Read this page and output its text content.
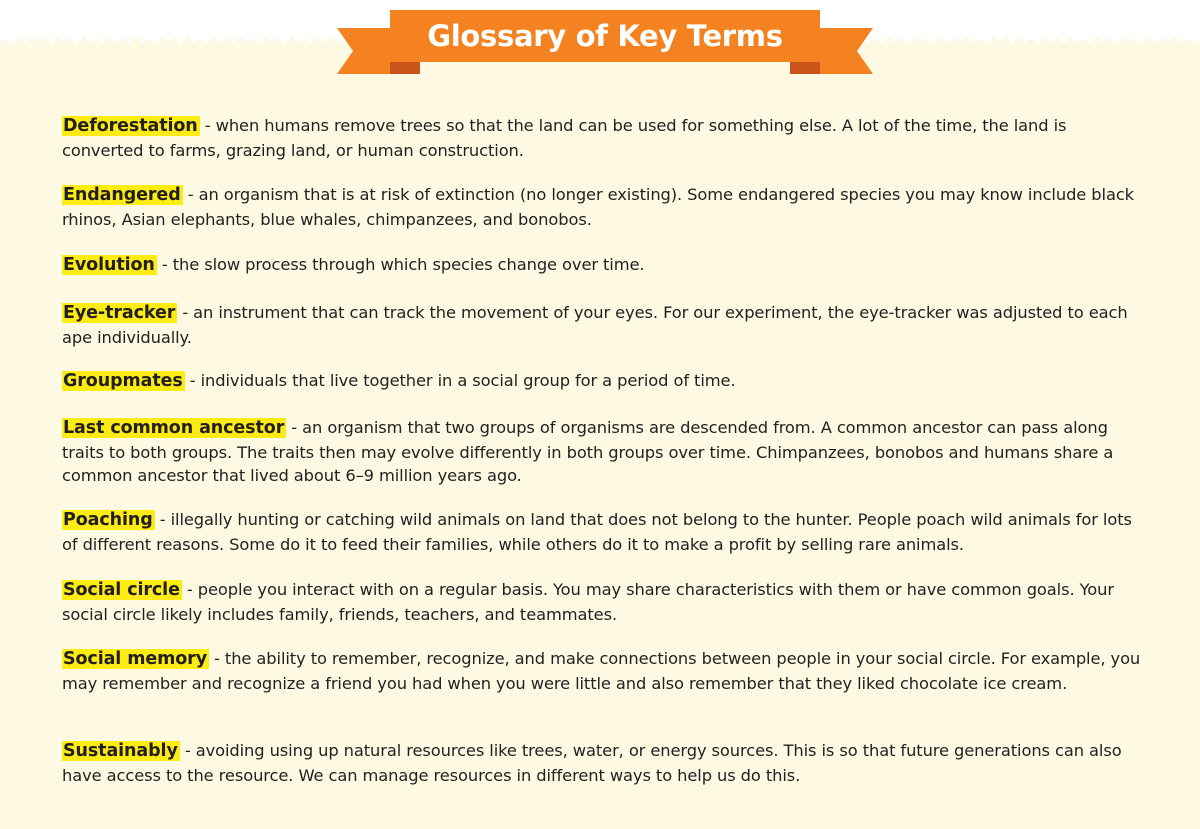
Glossary of Key Terms

Deforestation - when humans remove trees so that the land can be used for something else. A lot of the time, the land is converted to farms, grazing land, or human construction.

Endangered - an organism that is at risk of extinction (no longer existing). Some endangered species you may know include black rhinos, Asian elephants, blue whales, chimpanzees, and bonobos.

Evolution - the slow process through which species change over time.

Eye-tracker - an instrument that can track the movement of your eyes. For our experiment, the eye-tracker was adjusted to each ape individually.

Groupmates - individuals that live together in a social group for a period of time.

Last common ancestor - an organism that two groups of organisms are descended from. A common ancestor can pass along traits to both groups. The traits then may evolve differently in both groups over time. Chimpanzees, bonobos and humans share a common ancestor that lived about 6–9 million years ago.

Poaching - illegally hunting or catching wild animals on land that does not belong to the hunter. People poach wild animals for lots of different reasons. Some do it to feed their families, while others do it to make a profit by selling rare animals.

Social circle - people you interact with on a regular basis. You may share characteristics with them or have common goals. Your social circle likely includes family, friends, teachers, and teammates.

Social memory - the ability to remember, recognize, and make connections between people in your social circle. For example, you may remember and recognize a friend you had when you were little and also remember that they liked chocolate ice cream.

Sustainably - avoiding using up natural resources like trees, water, or energy sources. This is so that future generations can also have access to the resource. We can manage resources in different ways to help us do this.
